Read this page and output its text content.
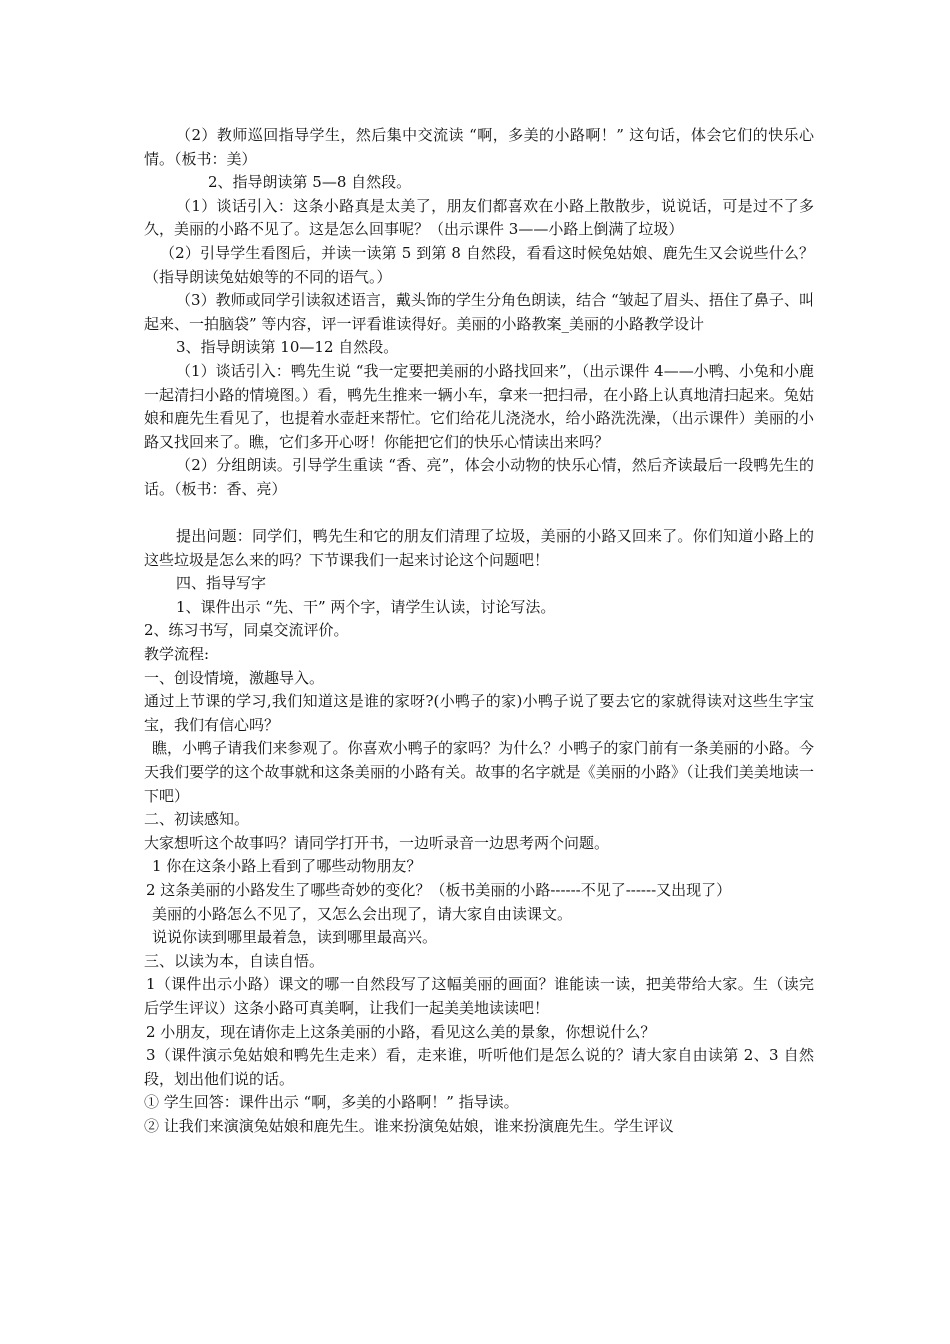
（2）教师巡回指导学生，然后集中交流读 “啊，多美的小路啊！” 这句话，体会它们的快乐心情。（板书：美）

2、指导朗读第 5—8 自然段。

（1）谈话引入：这条小路真是太美了，朋友们都喜欢在小路上散散步，说说话，可是过不了多久，美丽的小路不见了。这是怎么回事呢？（出示课件 3——小路上倒满了垃圾）

（2）引导学生看图后，并读一读第 5 到第 8 自然段，看看这时候兔姑娘、鹿先生又会说些什么？（指导朗读兔姑娘等的不同的语气。）

（3）教师或同学引读叙述语言，戴头饰的学生分角色朗读，结合 “皱起了眉头、捂住了鼻子、叫起来、一拍脑袋” 等内容，评一评看谁读得好。美丽的小路教案_美丽的小路教学设计

3、指导朗读第 10—12 自然段。

（1）谈话引入：鸭先生说 “我一定要把美丽的小路找回来”，（出示课件 4——小鸭、小兔和小鹿一起清扫小路的情境图。）看，鸭先生推来一辆小车，拿来一把扫帚，在小路上认真地清扫起来。兔姑娘和鹿先生看见了，也提着水壶赶来帮忙。它们给花儿浇浇水，给小路洗洗澡，（出示课件）美丽的小路又找回来了。瞧，它们多开心呀！你能把它们的快乐心情读出来吗？

（2）分组朗读。引导学生重读 “香、亮”，体会小动物的快乐心情，然后齐读最后一段鸭先生的话。（板书：香、亮）

提出问题：同学们，鸭先生和它的朋友们清理了垃圾，美丽的小路又回来了。你们知道小路上的这些垃圾是怎么来的吗？下节课我们一起来讨论这个问题吧！

四、指导写字

1、课件出示 “先、干” 两个字，请学生认读，讨论写法。

2、练习书写，同桌交流评价。

教学流程:

一、创设情境，激趣导入。

通过上节课的学习,我们知道这是谁的家呀?(小鸭子的家)小鸭子说了要去它的家就得读对这些生字宝宝，我们有信心吗？

瞧，小鸭子请我们来参观了。你喜欢小鸭子的家吗？为什么？小鸭子的家门前有一条美丽的小路。今天我们要学的这个故事就和这条美丽的小路有关。故事的名字就是《美丽的小路》（让我们美美地读一下吧）

二、初读感知。

大家想听这个故事吗？请同学打开书，一边听录音一边思考两个问题。

1 你在这条小路上看到了哪些动物朋友？

2 这条美丽的小路发生了哪些奇妙的变化？（板书美丽的小路------不见了------又出现了）

美丽的小路怎么不见了，又怎么会出现了，请大家自由读课文。

说说你读到哪里最着急，读到哪里最高兴。

三、以读为本，自读自悟。

1（课件出示小路）课文的哪一自然段写了这幅美丽的画面？谁能读一读，把美带给大家。生（读完后学生评议）这条小路可真美啊，让我们一起美美地读读吧！

2 小朋友，现在请你走上这条美丽的小路，看见这么美的景象，你想说什么？

3（课件演示兔姑娘和鸭先生走来）看，走来谁，听听他们是怎么说的？请大家自由读第 2、3 自然段，划出他们说的话。

① 学生回答：课件出示 “啊，多美的小路啊！” 指导读。

② 让我们来演演兔姑娘和鹿先生。谁来扮演兔姑娘，谁来扮演鹿先生。学生评议
